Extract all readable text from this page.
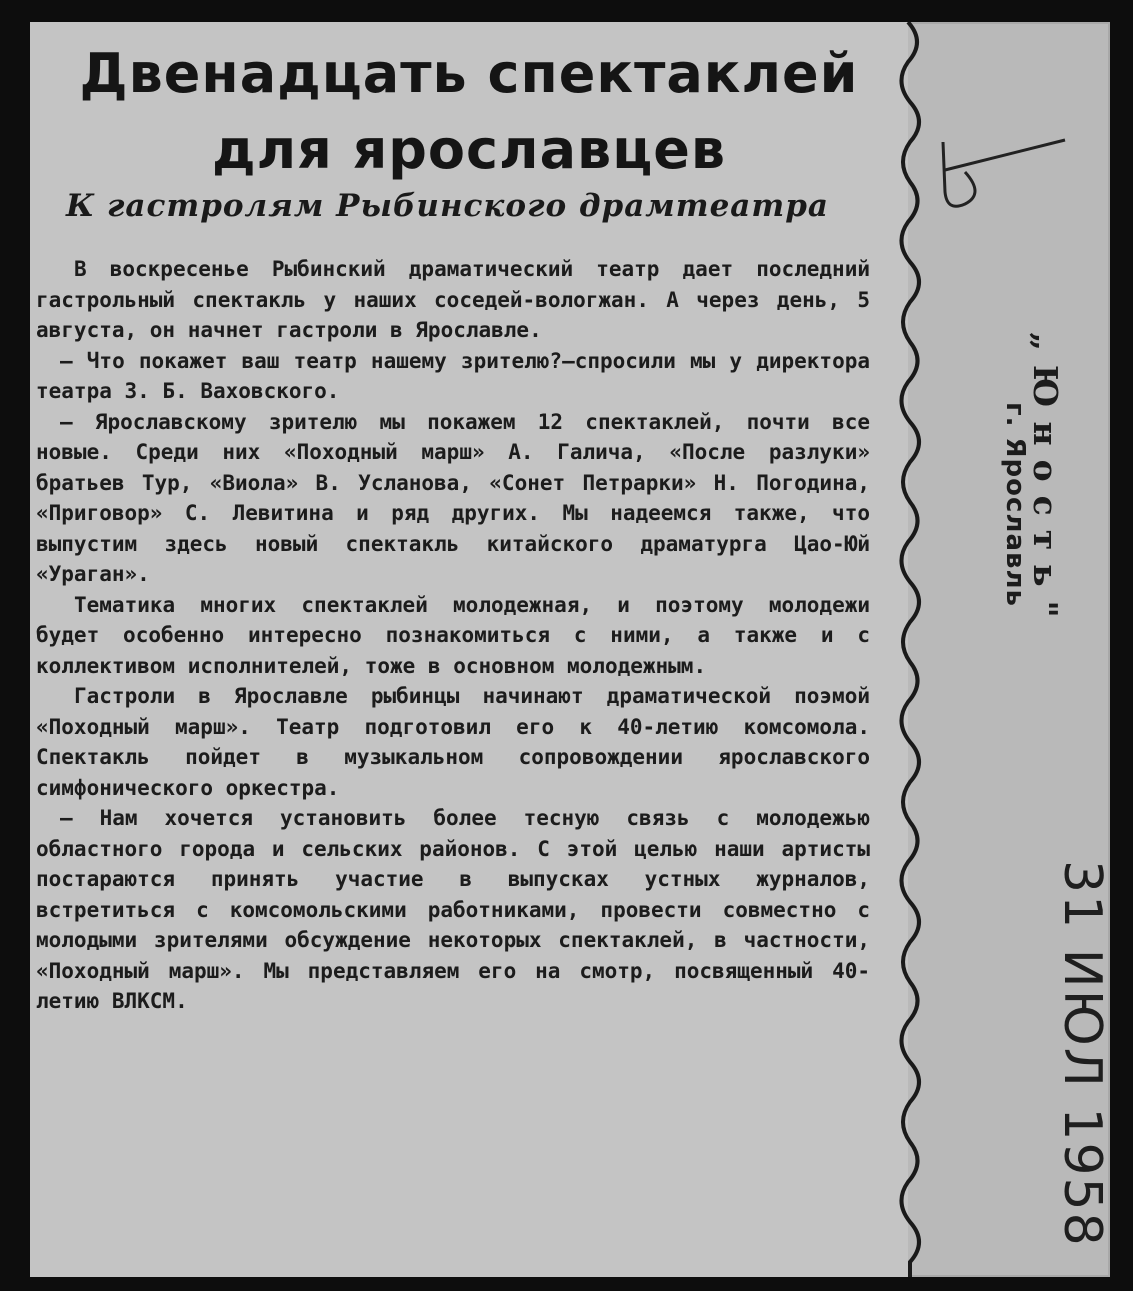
Двенадцать спектаклей
для ярославцев
К гастролям Рыбинского драмтеатра

В воскресенье Рыбинский драматический театр дает последний гастрольный спектакль у наших соседей-вологжан. А через день, 5 августа, он начнет гастроли в Ярославле.

— Что покажет ваш театр нашему зрителю?—спросили мы у директора театра З. Б. Ваховского.

— Ярославскому зрителю мы покажем 12 спектаклей, почти все новые. Среди них «Походный марш» А. Галича, «После разлуки» братьев Тур, «Виола» В. Усланова, «Сонет Петрарки» Н. Погодина, «Приговор» С. Левитина и ряд других. Мы надеемся также, что выпустим здесь новый спектакль китайского драматурга Цао-Юй «Ураган».

Тематика многих спектаклей молодежная, и поэтому молодежи будет особенно интересно познакомиться с ними, а также и с коллективом исполнителей, тоже в основном молодежным.

Гастроли в Ярославле рыбинцы начинают драматической поэмой «Походный марш». Театр подготовил его к 40-летию комсомола. Спектакль пойдет в музыкальном сопровождении ярославского симфонического оркестра.

— Нам хочется установить более тесную связь с молодежью областного города и сельских районов. С этой целью наши артисты постараются принять участие в выпусках устных журналов, встретиться с комсомольскими работниками, провести совместно с молодыми зрителями обсуждение некоторых спектаклей, в частности, «Походный марш». Мы представляем его на смотр, посвященный 40-летию ВЛКСМ.

„Юность"
г. Ярославль
31 ИЮЛ 1958
